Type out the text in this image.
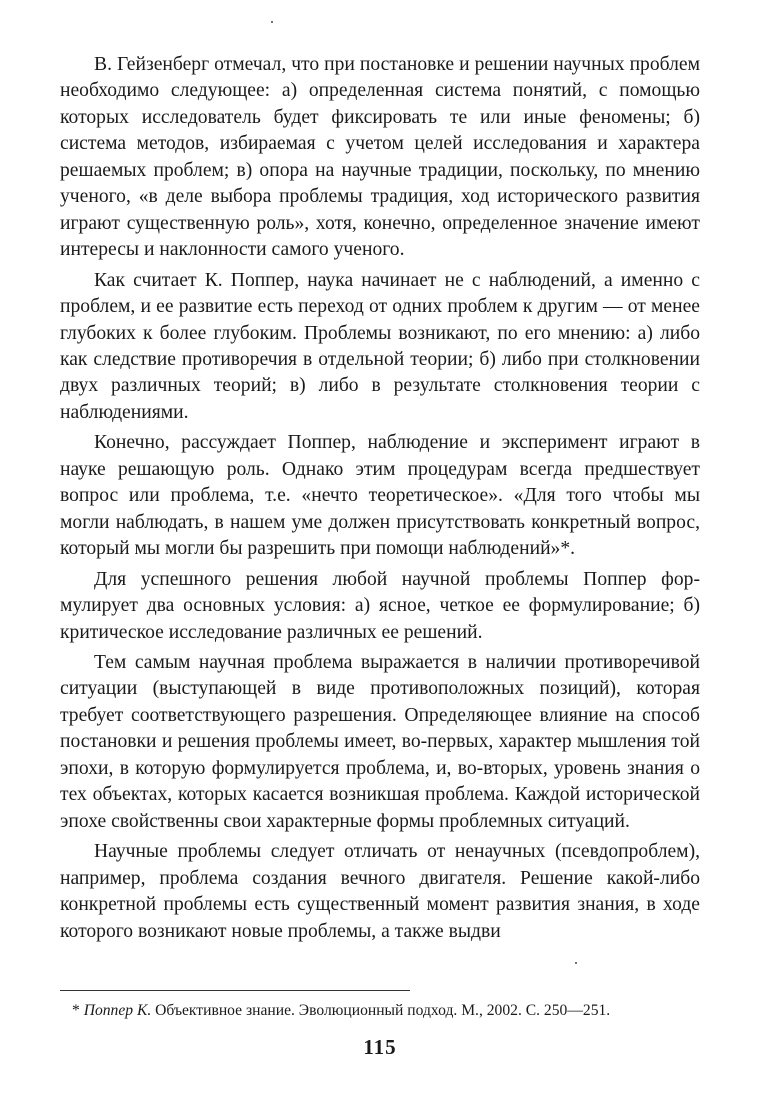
В. Гейзенберг отмечал, что при постановке и решении научных проблем необходимо следующее: а) определенная система понятий, с помощью которых исследователь будет фиксировать те или иные феномены; б) система методов, избираемая с учетом целей исследования и характера решаемых проблем; в) опора на научные традиции, поскольку, по мнению ученого, «в деле выбора проблемы традиция, ход исторического развития играют существенную роль», хотя, конечно, определенное значение имеют интересы и наклонности самого ученого.

Как считает К. Поппер, наука начинает не с наблюдений, а именно с проблем, и ее развитие есть переход от одних проблем к другим — от менее глубоких к более глубоким. Проблемы возникают, по его мнению: а) либо как следствие противоречия в отдельной теории; б) либо при столкновении двух различных теорий; в) либо в результате столкновения теории с наблюдениями.

Конечно, рассуждает Поппер, наблюдение и эксперимент играют в науке решающую роль. Однако этим процедурам всегда предшествует вопрос или проблема, т.е. «нечто теоретическое». «Для того чтобы мы могли наблюдать, в нашем уме должен присутствовать конкретный вопрос, который мы могли бы разрешить при помощи наблюдений»*.

Для успешного решения любой научной проблемы Поппер формулирует два основных условия: а) ясное, четкое ее формулирование; б) критическое исследование различных ее решений.

Тем самым научная проблема выражается в наличии противоречивой ситуации (выступающей в виде противоположных позиций), которая требует соответствующего разрешения. Определяющее влияние на способ постановки и решения проблемы имеет, во-первых, характер мышления той эпохи, в которую формулируется проблема, и, во-вторых, уровень знания о тех объектах, которых касается возникшая проблема. Каждой исторической эпохе свойственны свои характерные формы проблемных ситуаций.

Научные проблемы следует отличать от ненаучных (псевдопроблем), например, проблема создания вечного двигателя. Решение какой-либо конкретной проблемы есть существенный момент развития знания, в ходе которого возникают новые проблемы, а также выдви

* Поппер К. Объективное знание. Эволюционный подход. М., 2002. С. 250—251.
115
